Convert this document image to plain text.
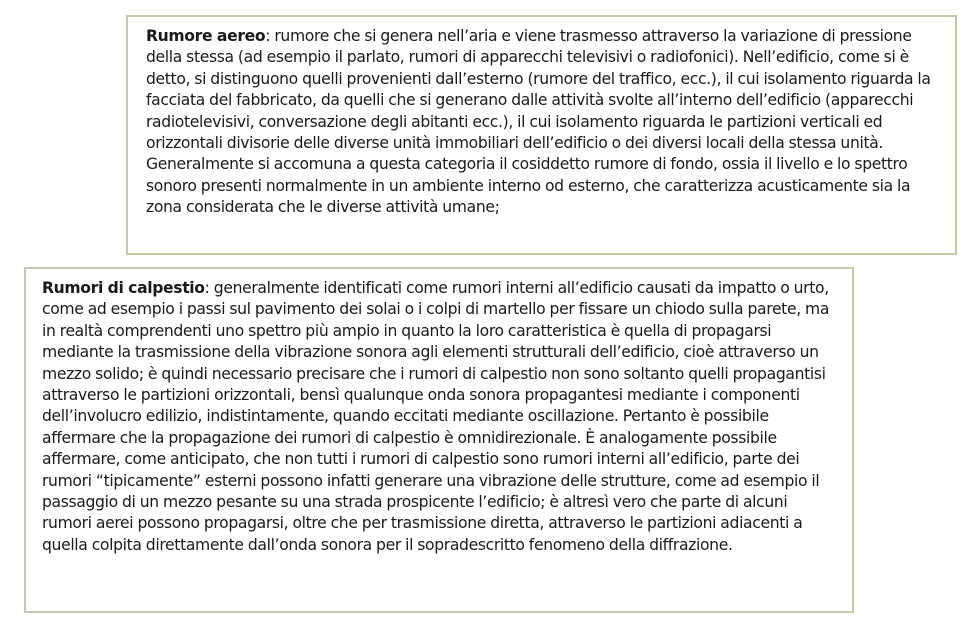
Rumore aereo: rumore che si genera nell’aria e viene trasmesso attraverso la variazione di pressione della stessa (ad esempio il parlato, rumori di apparecchi televisivi o radiofonici). Nell’edificio, come si è detto, si distinguono quelli provenienti dall’esterno (rumore del traffico, ecc.), il cui isolamento riguarda la facciata del fabbricato, da quelli che si generano dalle attività svolte all’interno dell’edificio (apparecchi radiotelevisivi, conversazione degli abitanti ecc.), il cui isolamento riguarda le partizioni verticali ed orizzontali divisorie delle diverse unità immobiliari dell’edificio o dei diversi locali della stessa unità. Generalmente si accomuna a questa categoria il cosiddetto rumore di fondo, ossia il livello e lo spettro sonoro presenti normalmente in un ambiente interno od esterno, che caratterizza acusticamente sia la zona considerata che le diverse attività umane;

Rumori di calpestio: generalmente identificati come rumori interni all’edificio causati da impatto o urto, come ad esempio i passi sul pavimento dei solai o i colpi di martello per fissare un chiodo sulla parete, ma in realtà comprendenti uno spettro più ampio in quanto la loro caratteristica è quella di propagarsi mediante la trasmissione della vibrazione sonora agli elementi strutturali dell’edificio, cioè attraverso un mezzo solido; è quindi necessario precisare che i rumori di calpestio non sono soltanto quelli propagantisi attraverso le partizioni orizzontali, bensì qualunque onda sonora propagantesi mediante i componenti dell’involucro edilizio, indistintamente, quando eccitati mediante oscillazione. Pertanto è possibile affermare che la propagazione dei rumori di calpestio è omnidirezionale. È analogamente possibile affermare, come anticipato, che non tutti i rumori di calpestio sono rumori interni all’edificio, parte dei rumori “tipicamente” esterni possono infatti generare una vibrazione delle strutture, come ad esempio il passaggio di un mezzo pesante su una strada prospicente l’edificio; è altresì vero che parte di alcuni rumori aerei possono propagarsi, oltre che per trasmissione diretta, attraverso le partizioni adiacenti a quella colpita direttamente dall’onda sonora per il sopradescritto fenomeno della diffrazione.
